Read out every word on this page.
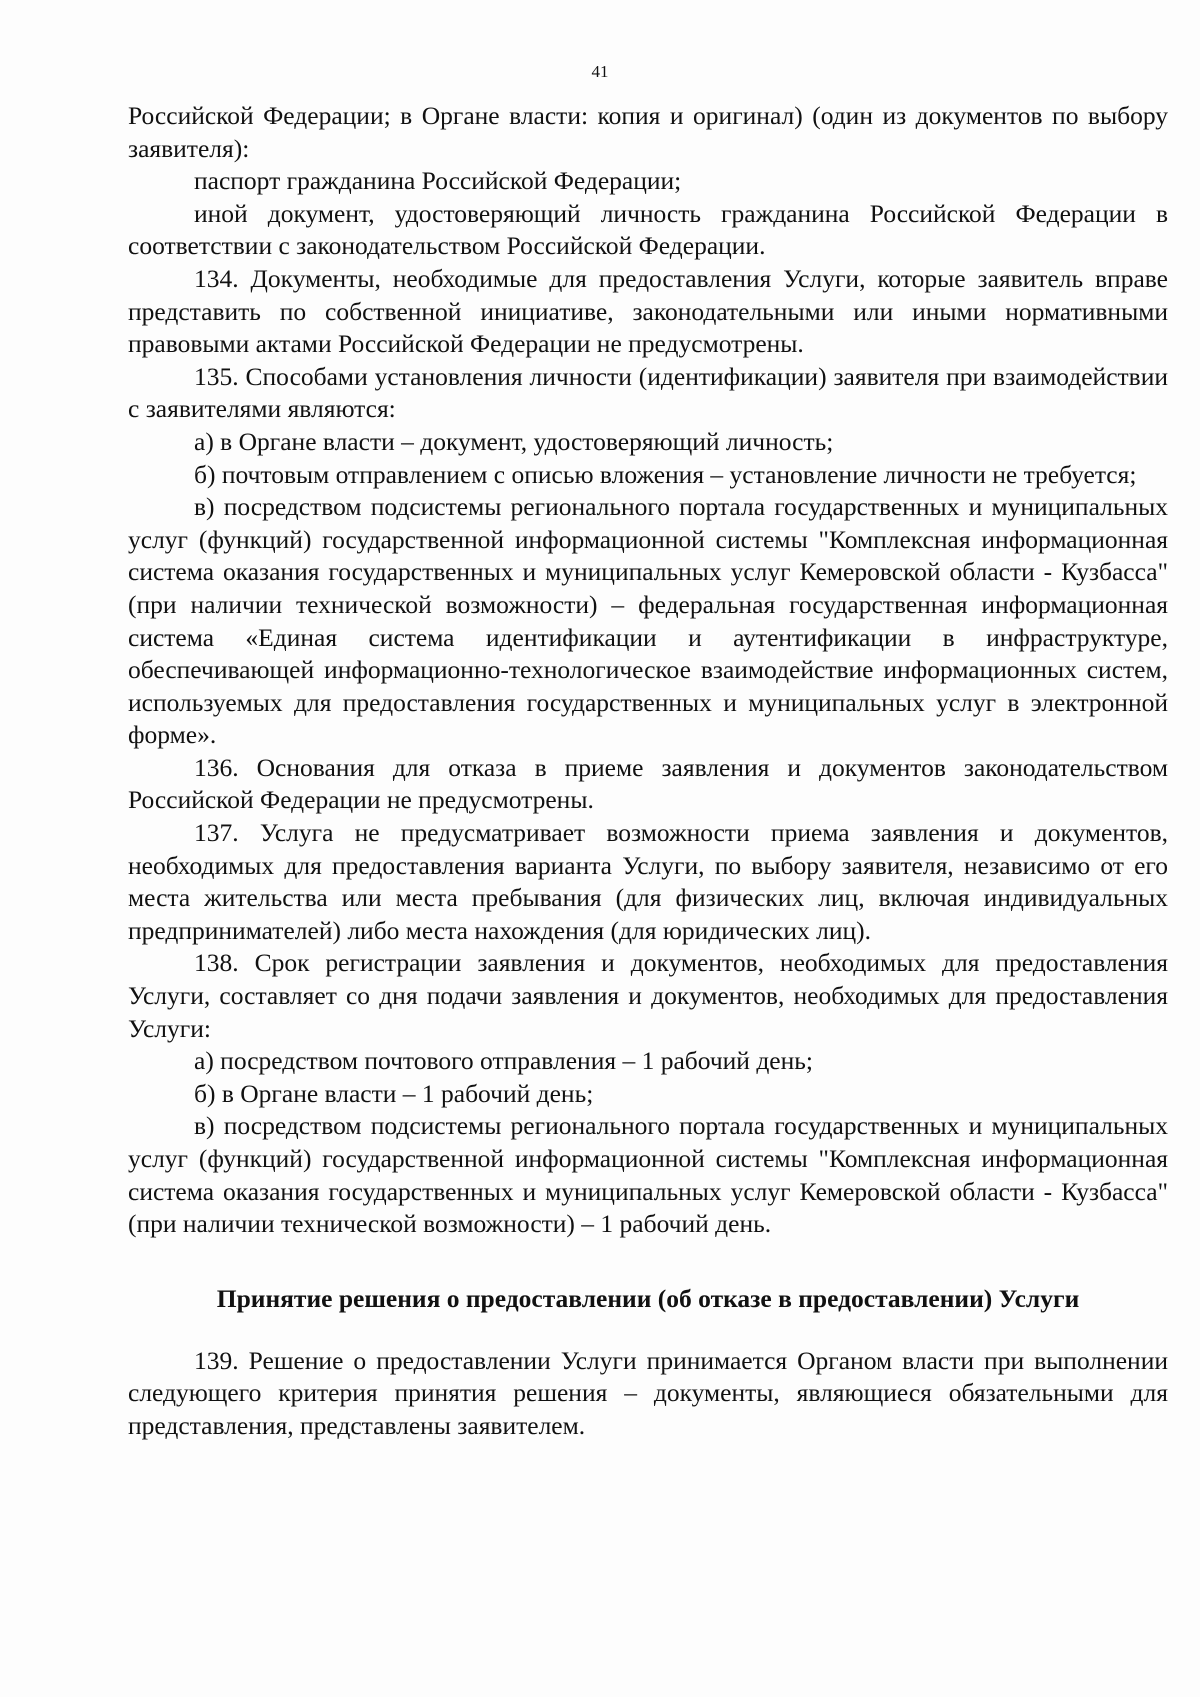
41

Российской Федерации; в Органе власти: копия и оригинал) (один из документов по выбору заявителя):

паспорт гражданина Российской Федерации;

иной документ, удостоверяющий личность гражданина Российской Федерации в соответствии с законодательством Российской Федерации.

134. Документы, необходимые для предоставления Услуги, которые заявитель вправе представить по собственной инициативе, законодательными или иными нормативными правовыми актами Российской Федерации не предусмотрены.

135. Способами установления личности (идентификации) заявителя при взаимодействии с заявителями являются:

а) в Органе власти – документ, удостоверяющий личность;

б) почтовым отправлением с описью вложения – установление личности не требуется;

в) посредством подсистемы регионального портала государственных и муниципальных услуг (функций) государственной информационной системы "Комплексная информационная система оказания государственных и муниципальных услуг Кемеровской области - Кузбасса" (при наличии технической возможности) – федеральная государственная информационная система «Единая система идентификации и аутентификации в инфраструктуре, обеспечивающей информационно-технологическое взаимодействие информационных систем, используемых для предоставления государственных и муниципальных услуг в электронной форме».

136. Основания для отказа в приеме заявления и документов законодательством Российской Федерации не предусмотрены.

137. Услуга не предусматривает возможности приема заявления и документов, необходимых для предоставления варианта Услуги, по выбору заявителя, независимо от его места жительства или места пребывания (для физических лиц, включая индивидуальных предпринимателей) либо места нахождения (для юридических лиц).

138. Срок регистрации заявления и документов, необходимых для предоставления Услуги, составляет со дня подачи заявления и документов, необходимых для предоставления Услуги:

а) посредством почтового отправления – 1 рабочий день;

б) в Органе власти – 1 рабочий день;

в) посредством подсистемы регионального портала государственных и муниципальных услуг (функций) государственной информационной системы "Комплексная информационная система оказания государственных и муниципальных услуг Кемеровской области - Кузбасса" (при наличии технической возможности) – 1 рабочий день.

Принятие решения о предоставлении (об отказе в предоставлении) Услуги

139. Решение о предоставлении Услуги принимается Органом власти при выполнении следующего критерия принятия решения – документы, являющиеся обязательными для представления, представлены заявителем.
